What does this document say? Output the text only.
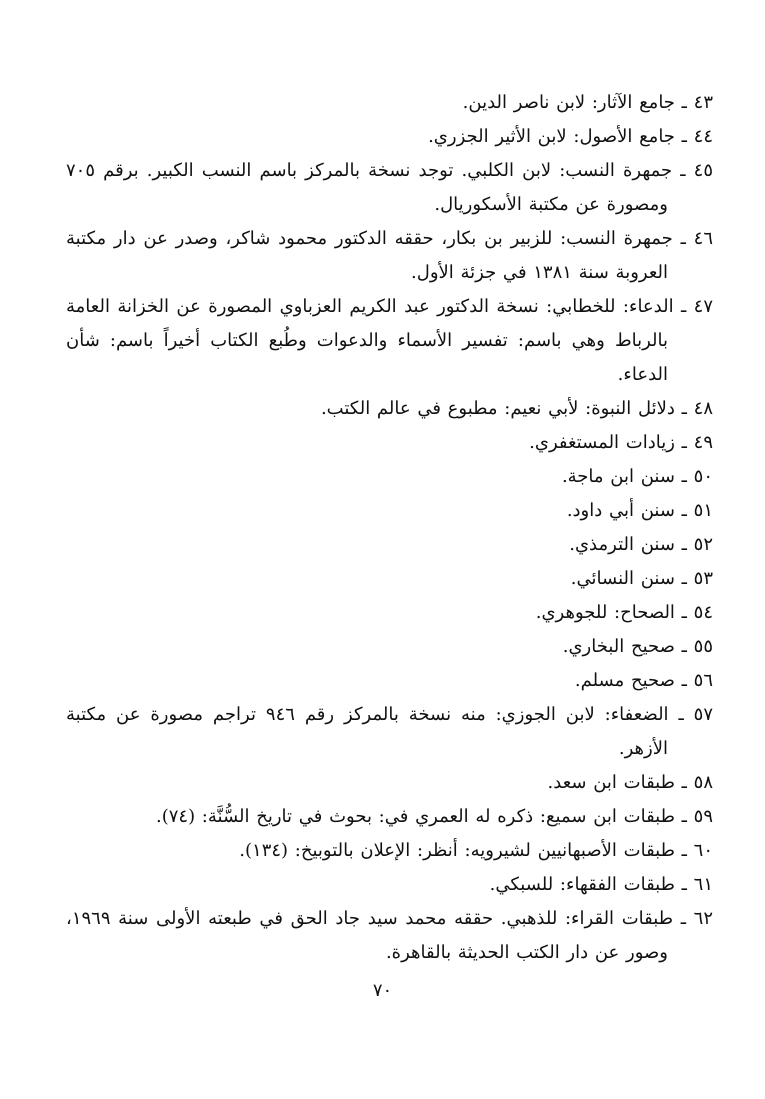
٤٣ ـ جامع الآثار: لابن ناصر الدين.
٤٤ ـ جامع الأصول: لابن الأثير الجزري.
٤٥ ـ جمهرة النسب: لابن الكلبي. توجد نسخة بالمركز باسم النسب الكبير. برقم ٧٠٥ ومصورة عن مكتبة الأسكوريال.
٤٦ ـ جمهرة النسب: للزبير بن بكار، حققه الدكتور محمود شاكر، وصدر عن دار مكتبة العروبة سنة ١٣٨١ في جزئة الأول.
٤٧ ـ الدعاء: للخطابي: نسخة الدكتور عبد الكريم العزباوي المصورة عن الخزانة العامة بالرباط وهي باسم: تفسير الأسماء والدعوات وطُبع الكتاب أخيراً باسم: شأن الدعاء.
٤٨ ـ دلائل النبوة: لأبي نعيم: مطبوع في عالم الكتب.
٤٩ ـ زيادات المستغفري.
٥٠ ـ سنن ابن ماجة.
٥١ ـ سنن أبي داود.
٥٢ ـ سنن الترمذي.
٥٣ ـ سنن النسائي.
٥٤ ـ الصحاح: للجوهري.
٥٥ ـ صحيح البخاري.
٥٦ ـ صحيح مسلم.
٥٧ ـ الضعفاء: لابن الجوزي: منه نسخة بالمركز رقم ٩٤٦ تراجم مصورة عن مكتبة الأزهر.
٥٨ ـ طبقات ابن سعد.
٥٩ ـ طبقات ابن سميع: ذكره له العمري في: بحوث في تاريخ السُّنَّة: (٧٤).
٦٠ ـ طبقات الأصبهانيين لشيرويه: أنظر: الإعلان بالتوبيخ: (١٣٤).
٦١ ـ طبقات الفقهاء: للسبكي.
٦٢ ـ طبقات القراء: للذهبي. حققه محمد سيد جاد الحق في طبعته الأولى سنة ١٩٦٩، وصور عن دار الكتب الحديثة بالقاهرة.
٧٠
